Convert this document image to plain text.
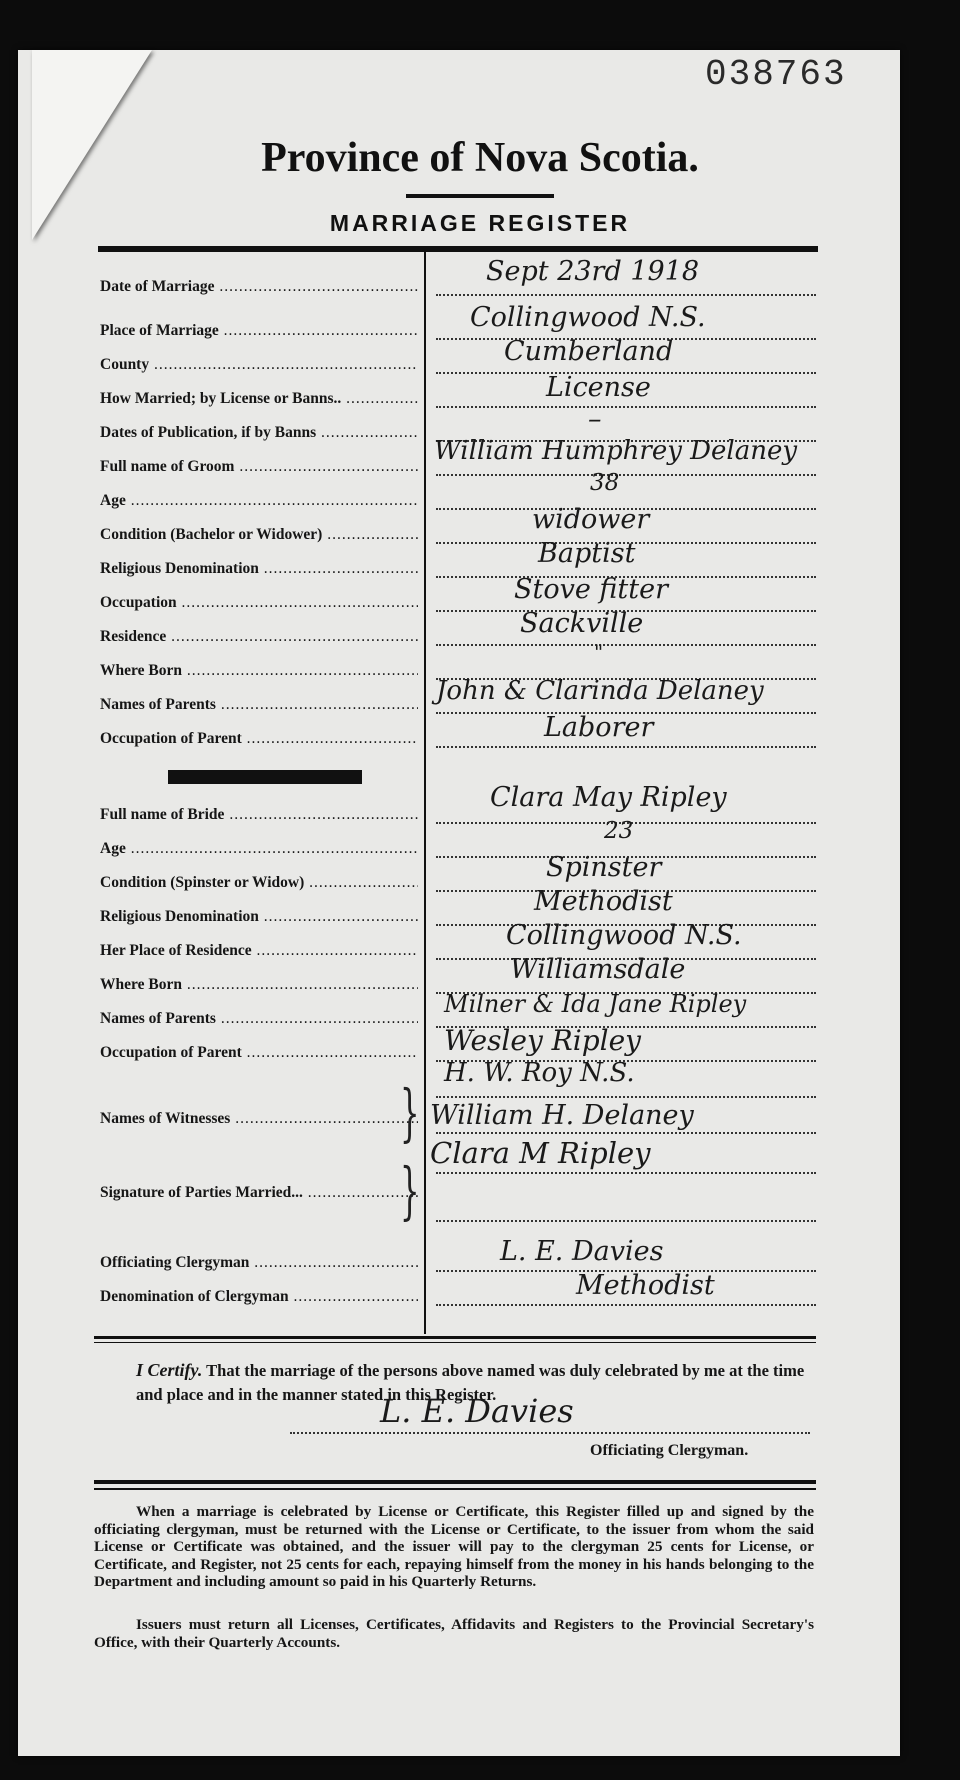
038763
Province of Nova Scotia.
MARRIAGE REGISTER
Date of Marriage .....	Sept 23rd 1918
Place of Marriage .....	Collingwood N.S.
County .....	Cumberland
How Married; by License or Banns.. .....	License
Dates of Publication, if by Banns .....	–
Full name of Groom .....
William Humphrey Delaney
Age .....
38
Condition (Bachelor or Widower) .....	widower
Religious Denomination .....	Baptist
Occupation .....	Stove fitter
Residence .....	Sackville
Where Born .....
"
Names of Parents .....	John & Clarinda Delaney
Occupation of Parent .....	Laborer
Full name of Bride .....
Clara May Ripley
Age .....
23
Condition (Spinster or Widow) .....	Spinster
Religious Denomination .....	Methodist
Her Place of Residence .....	Collingwood N.S.
Where Born .....	Williamsdale
Names of Parents .....
Milner & Ida Jane Ripley
Occupation of Parent .....	Wesley Ripley
Names of Witnesses .....	}
H. W. Roy N.S.
William H. Delaney
Signature of Parties Married... .....	}
Clara M Ripley
Officiating Clergyman .....	L. E. Davies
Denomination of Clergyman .....	Methodist
I Certify. That the marriage of the persons above named was duly celebrated by me at the time and place and in the manner stated in this Register.
L. E. Davies
Officiating Clergyman.
When a marriage is celebrated by License or Certificate, this Register filled up and signed by the officiating clergyman, must be returned with the License or Certificate, to the issuer from whom the said License or Certificate was obtained, and the issuer will pay to the clergyman 25 cents for License, or Certificate, and Register, not 25 cents for each, repaying himself from the money in his hands belonging to the Department and including amount so paid in his Quarterly Returns.
Issuers must return all Licenses, Certificates, Affidavits and Registers to the Provincial Secretary's Office, with their Quarterly Accounts.
